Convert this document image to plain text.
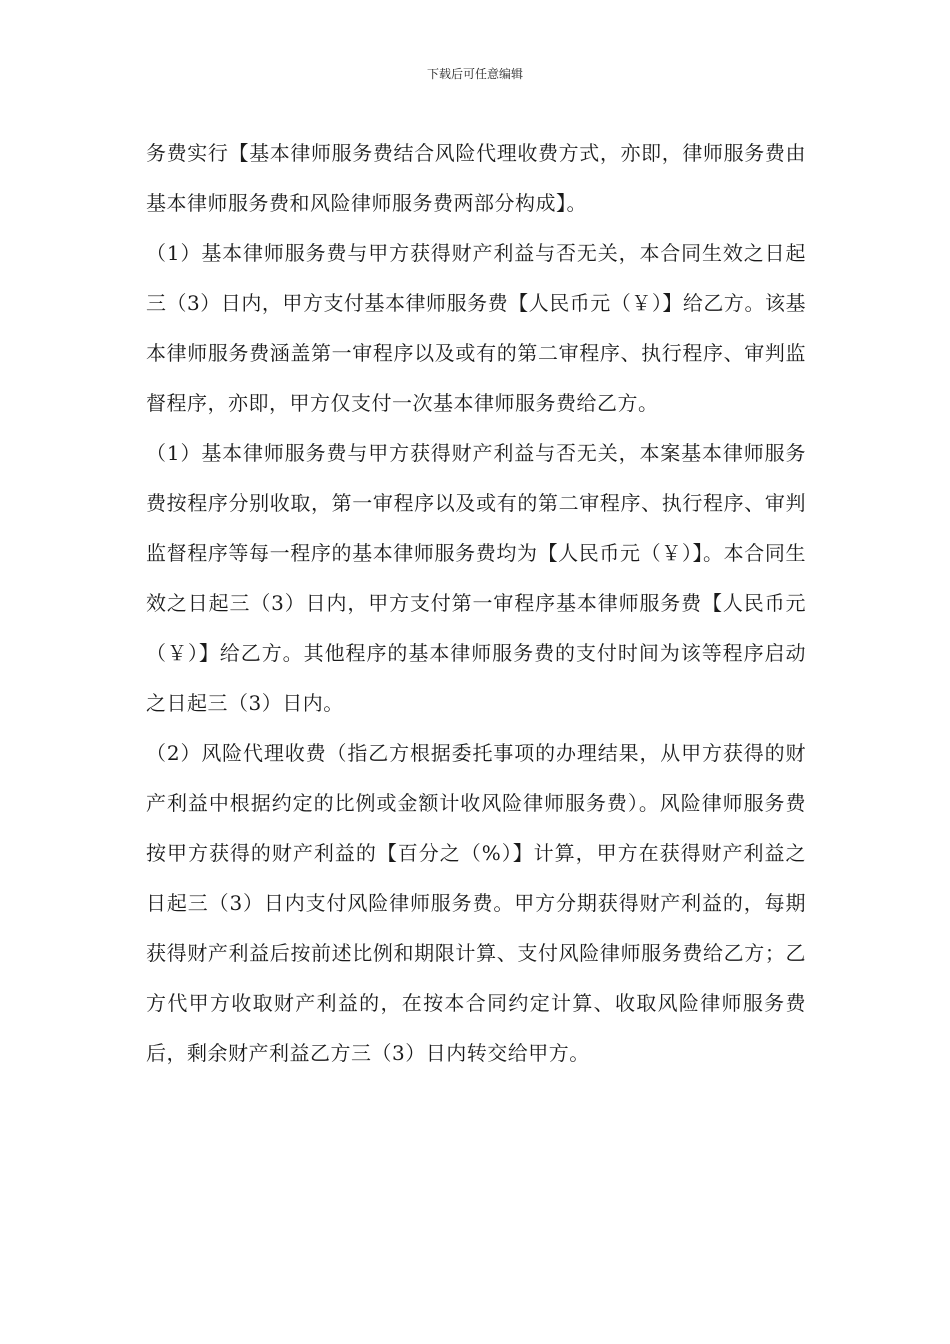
下载后可任意编辑

务费实行【基本律师服务费结合风险代理收费方式，亦即，律师服务费由基本律师服务费和风险律师服务费两部分构成】。

（1）基本律师服务费与甲方获得财产利益与否无关，本合同生效之日起三（3）日内，甲方支付基本律师服务费【人民币元（￥）】给乙方。该基本律师服务费涵盖第一审程序以及或有的第二审程序、执行程序、审判监督程序，亦即，甲方仅支付一次基本律师服务费给乙方。

（1）基本律师服务费与甲方获得财产利益与否无关，本案基本律师服务费按程序分别收取，第一审程序以及或有的第二审程序、执行程序、审判监督程序等每一程序的基本律师服务费均为【人民币元（￥）】。本合同生效之日起三（3）日内，甲方支付第一审程序基本律师服务费【人民币元（￥）】给乙方。其他程序的基本律师服务费的支付时间为该等程序启动之日起三（3）日内。

（2）风险代理收费（指乙方根据委托事项的办理结果，从甲方获得的财产利益中根据约定的比例或金额计收风险律师服务费）。风险律师服务费按甲方获得的财产利益的【百分之（%）】计算，甲方在获得财产利益之日起三（3）日内支付风险律师服务费。甲方分期获得财产利益的，每期获得财产利益后按前述比例和期限计算、支付风险律师服务费给乙方；乙方代甲方收取财产利益的，在按本合同约定计算、收取风险律师服务费后，剩余财产利益乙方三（3）日内转交给甲方。
